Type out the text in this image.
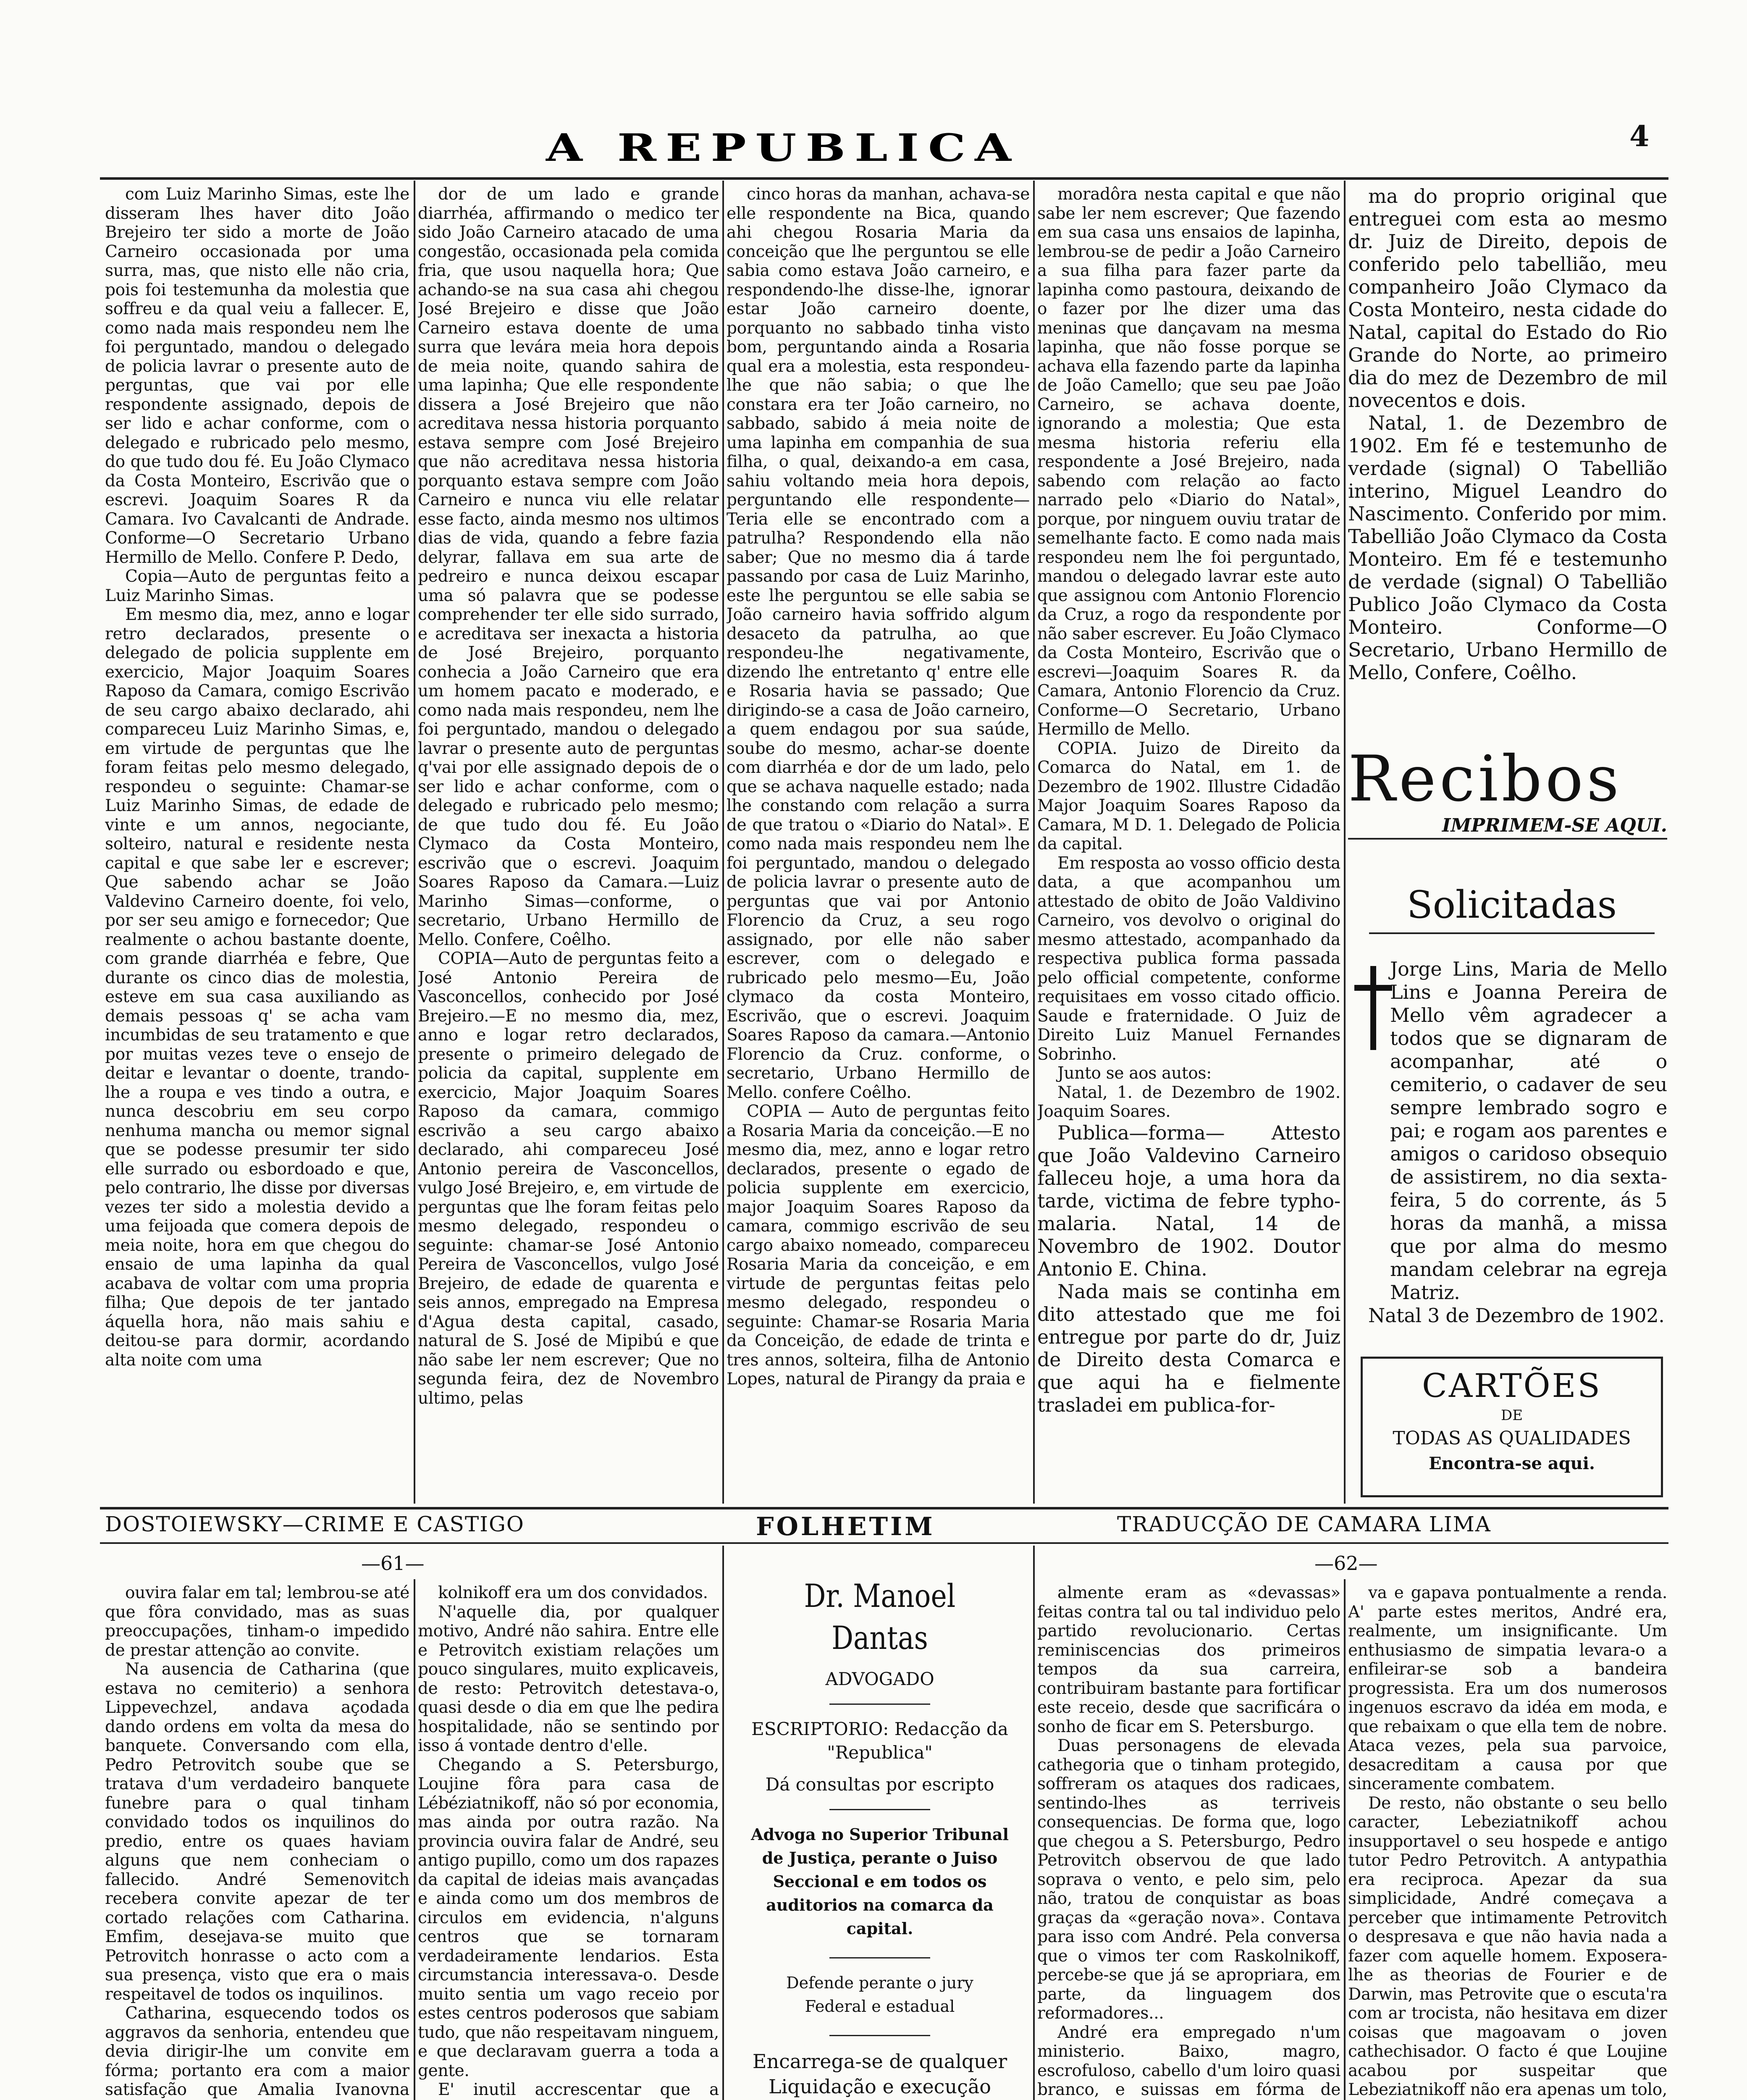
A REPUBLICA	4

com Luiz Marinho Simas, este lhe disseram lhes haver dito João Brejeiro ter sido a morte de João Carneiro occasionada por uma surra, mas, que nisto elle não cria, pois foi testemunha da molestia que soffreu e da qual veiu a fallecer. E, como nada mais respondeu nem lhe foi perguntado, mandou o delegado de policia lavrar o presente auto de perguntas, que vai por elle respondente assignado, depois de ser lido e achar conforme, com o delegado e rubricado pelo mesmo, do que tudo dou fé. Eu João Clymaco da Costa Monteiro, Escrivão que o escrevi. Joaquim Soares R da Camara. Ivo Cavalcanti de Andrade. Conforme—O Secretario Urbano Hermillo de Mello. Confere P. Dedo,

Copia—Auto de perguntas feito a Luiz Marinho Simas.

Em mesmo dia, mez, anno e logar retro declarados, presente o delegado de policia supplente em exercicio, Major Joaquim Soares Raposo da Camara, comigo Escrivão de seu cargo abaixo declarado, ahi compareceu Luiz Marinho Simas, e, em virtude de perguntas que lhe foram feitas pelo mesmo delegado, respondeu o seguinte: Chamar-se Luiz Marinho Simas, de edade de vinte e um annos, negociante, solteiro, natural e residente nesta capital e que sabe ler e escrever; Que sabendo achar se João Valdevino Carneiro doente, foi velo, por ser seu amigo e fornecedor; Que realmente o achou bastante doente, com grande diarrhéa e febre, Que durante os cinco dias de molestia, esteve em sua casa auxiliando as demais pessoas q' se acha vam incumbidas de seu tratamento e que por muitas vezes teve o ensejo de deitar e levantar o doente, trando-lhe a roupa e ves tindo a outra, e nunca descobriu em seu corpo nenhuma mancha ou memor signal que se podesse presumir ter sido elle surrado ou esbordoado e que, pelo contrario, lhe disse por diversas vezes ter sido a molestia devido a uma feijoada que comera depois de meia noite, hora em que chegou do ensaio de uma lapinha da qual acabava de voltar com uma propria filha; Que depois de ter jantado áquella hora, não mais sahiu e deitou-se para dormir, acordando alta noite com uma

dor de um lado e grande diarrhéa, affirmando o medico ter sido João Carneiro atacado de uma congestão, occasionada pela comida fria, que usou naquella hora; Que achando-se na sua casa ahi chegou José Brejeiro e disse que João Carneiro estava doente de uma surra que levára meia hora depois de meia noite, quando sahira de uma lapinha; Que elle respondente dissera a José Brejeiro que não acreditava nessa historia porquanto estava sempre com José Brejeiro que não acreditava nessa historia porquanto estava sempre com João Carneiro e nunca viu elle relatar esse facto, ainda mesmo nos ultimos dias de vida, quando a febre fazia delyrar, fallava em sua arte de pedreiro e nunca deixou escapar uma só palavra que se podesse comprehender ter elle sido surrado, e acreditava ser inexacta a historia de José Brejeiro, porquanto conhecia a João Carneiro que era um homem pacato e moderado, e como nada mais respondeu, nem lhe foi perguntado, mandou o delegado lavrar o presente auto de perguntas q'vai por elle assignado depois de o ser lido e achar conforme, com o delegado e rubricado pelo mesmo; de que tudo dou fé. Eu João Clymaco da Costa Monteiro, escrivão que o escrevi. Joaquim Soares Raposo da Camara.—Luiz Marinho Simas—conforme, o secretario, Urbano Hermillo de Mello. Confere, Coêlho.

COPIA—Auto de perguntas feito a José Antonio Pereira de Vasconcellos, conhecido por José Brejeiro.—E no mesmo dia, mez, anno e logar retro declarados, presente o primeiro delegado de policia da capital, supplente em exercicio, Major Joaquim Soares Raposo da camara, commigo escrivão a seu cargo abaixo declarado, ahi compareceu José Antonio pereira de Vasconcellos, vulgo José Brejeiro, e, em virtude de perguntas que lhe foram feitas pelo mesmo delegado, respondeu o seguinte: chamar-se José Antonio Pereira de Vasconcellos, vulgo José Brejeiro, de edade de quarenta e seis annos, empregado na Empresa d'Agua desta capital, casado, natural de S. José de Mipibú e que não sabe ler nem escrever; Que no segunda feira, dez de Novembro ultimo, pelas

cinco horas da manhan, achava-se elle respondente na Bica, quando ahi chegou Rosaria Maria da conceição que lhe perguntou se elle sabia como estava João carneiro, e respondendo-lhe disse-lhe, ignorar estar João carneiro doente, porquanto no sabbado tinha visto bom, perguntando ainda a Rosaria qual era a molestia, esta respondeu-lhe que não sabia; o que lhe constara era ter João carneiro, no sabbado, sabido á meia noite de uma lapinha em companhia de sua filha, o qual, deixando-a em casa, sahiu voltando meia hora depois, perguntando elle respondente—Teria elle se encontrado com a patrulha? Respondendo ella não saber; Que no mesmo dia á tarde passando por casa de Luiz Marinho, este lhe perguntou se elle sabia se João carneiro havia soffrido algum desaceto da patrulha, ao que respondeu-lhe negativamente, dizendo lhe entretanto q' entre elle e Rosaria havia se passado; Que dirigindo-se a casa de João carneiro, a quem endagou por sua saúde, soube do mesmo, achar-se doente com diarrhéa e dor de um lado, pelo que se achava naquelle estado; nada lhe constando com relação a surra de que tratou o «Diario do Natal». E como nada mais respondeu nem lhe foi perguntado, mandou o delegado de policia lavrar o presente auto de perguntas que vai por Antonio Florencio da Cruz, a seu rogo assignado, por elle não saber escrever, com o delegado e rubricado pelo mesmo—Eu, João clymaco da costa Monteiro, Escrivão, que o escrevi. Joaquim Soares Raposo da camara.—Antonio Florencio da Cruz. conforme, o secretario, Urbano Hermillo de Mello. confere Coêlho.

COPIA — Auto de perguntas feito a Rosaria Maria da conceição.—E no mesmo dia, mez, anno e logar retro declarados, presente o egado de policia supplente em exercicio, major Joaquim Soares Raposo da camara, commigo escrivão de seu cargo abaixo nomeado, compareceu Rosaria Maria da conceição, e em virtude de perguntas feitas pelo mesmo delegado, respondeu o seguinte: Chamar-se Rosaria Maria da Conceição, de edade de trinta e tres annos, solteira, filha de Antonio Lopes, natural de Pirangy da praia e

moradôra nesta capital e que não sabe ler nem escrever; Que fazendo em sua casa uns ensaios de lapinha, lembrou-se de pedir a João Carneiro a sua filha para fazer parte da lapinha como pastoura, deixando de o fazer por lhe dizer uma das meninas que dançavam na mesma lapinha, que não fosse porque se achava ella fazendo parte da lapinha de João Camello; que seu pae João Carneiro, se achava doente, ignorando a molestia; Que esta mesma historia referiu ella respondente a José Brejeiro, nada sabendo com relação ao facto narrado pelo «Diario do Natal», porque, por ninguem ouviu tratar de semelhante facto. E como nada mais respondeu nem lhe foi perguntado, mandou o delegado lavrar este auto que assignou com Antonio Florencio da Cruz, a rogo da respondente por não saber escrever. Eu João Clymaco da Costa Monteiro, Escrivão que o escrevi—Joaquim Soares R. da Camara, Antonio Florencio da Cruz. Conforme—O Secretario, Urbano Hermillo de Mello.

COPIA. Juizo de Direito da Comarca do Natal, em 1. de Dezembro de 1902. Illustre Cidadão Major Joaquim Soares Raposo da Camara, M D. 1. Delegado de Policia da capital.

Em resposta ao vosso officio desta data, a que acompanhou um attestado de obito de João Valdivino Carneiro, vos devolvo o original do mesmo attestado, acompanhado da respectiva publica forma passada pelo official competente, conforme requisitaes em vosso citado officio. Saude e fraternidade. O Juiz de Direito Luiz Manuel Fernandes Sobrinho.

Junto se aos autos:

Natal, 1. de Dezembro de 1902. Joaquim Soares.

Publica—forma— Attesto que João Valdevino Carneiro falleceu hoje, a uma hora da tarde, victima de febre typho-malaria. Natal, 14 de Novembro de 1902. Doutor Antonio E. China.

Nada mais se continha em dito attestado que me foi entregue por parte do dr, Juiz de Direito desta Comarca e que aqui ha e fielmente trasladei em publica-for-

ma do proprio original que entreguei com esta ao mesmo dr. Juiz de Direito, depois de conferido pelo tabellião, meu companheiro João Clymaco da Costa Monteiro, nesta cidade do Natal, capital do Estado do Rio Grande do Norte, ao primeiro dia do mez de Dezembro de mil novecentos e dois.

Natal, 1. de Dezembro de 1902. Em fé e testemunho de verdade (signal) O Tabellião interino, Miguel Leandro do Nascimento. Conferido por mim. Tabellião João Clymaco da Costa Monteiro. Em fé e testemunho de verdade (signal) O Tabellião Publico João Clymaco da Costa Monteiro. Conforme—O Secretario, Urbano Hermillo de Mello, Confere, Coêlho.

Recibos
IMPRIMEM-SE AQUI.
Solicitadas

Jorge Lins, Maria de Mello Lins e Joanna Pereira de Mello vêm agradecer a todos que se dignaram de acompanhar, até o cemiterio, o cadaver de seu sempre lembrado sogro e pai; e rogam aos parentes e amigos o caridoso obsequio de assistirem, no dia sexta-feira, 5 do corrente, ás 5 horas da manhã, a missa que por alma do mesmo mandam celebrar na egreja Matriz.

Natal 3 de Dezembro de 1902.

CARTÕES
DE
TODAS AS QUALIDADES
Encontra-se aqui.
DOSTOIEWSKY—CRIME E CASTIGO	FOLHETIM	TRADUCÇÃO DE CAMARA LIMA
—61—	—62—

ouvira falar em tal; lembrou-se até que fôra convidado, mas as suas preoccupações, tinham-o impedido de prestar attenção ao convite.

Na ausencia de Catharina (que estava no cemiterio) a senhora Lippevechzel, andava açodada dando ordens em volta da mesa do banquete. Conversando com ella, Pedro Petrovitch soube que se tratava d'um verdadeiro banquete funebre para o qual tinham convidado todos os inquilinos do predio, entre os quaes haviam alguns que nem conheciam o fallecido. André Semenovitch recebera convite apezar de ter cortado relações com Catharina. Emfim, desejava-se muito que Petrovitch honrasse o acto com a sua presença, visto que era o mais respeitavel de todos os inquilinos.

Catharina, esquecendo todos os aggravos da senhoria, entendeu que devia dirigir-lhe um convite em fórma; portanto era com a maior satisfação que Amalia Ivanovna

kolnikoff era um dos convidados.

N'aquelle dia, por qualquer motivo, André não sahira. Entre elle e Petrovitch existiam relações um pouco singulares, muito explicaveis, de resto: Petrovitch detestava-o, quasi desde o dia em que lhe pedira hospitalidade, não se sentindo por isso á vontade dentro d'elle.

Chegando a S. Petersburgo, Loujine fôra para casa de Lébéziatnikoff, não só por economia, mas ainda por outra razão. Na provincia ouvira falar de André, seu antigo pupillo, como um dos rapazes da capital de ideias mais avançadas e ainda como um dos membros de circulos em evidencia, n'alguns centros que se tornaram verdadeiramente lendarios. Esta circumstancia interessava-o. Desde muito sentia um vago receio por estes centros poderosos que sabiam tudo, que não respeitavam ninguem, e que declaravam guerra a toda a gente.

E' inutil accrescentar que a

Dr. Manoel Dantas
ADVOGADO
ESCRIPTORIO: Redacção da "Republica"
Dá consultas por escripto
Advoga no Superior Tribunal de Justiça, perante o Juiso Seccional e em todos os auditorios na comarca da capital.
Defende perante o jury Federal e estadual
Encarrega-se de qualquer Liquidação e execução

almente eram as «devassas» feitas contra tal ou tal individuo pelo partido revolucionario. Certas reminiscencias dos primeiros tempos da sua carreira, contribuiram bastante para fortificar este receio, desde que sacrificára o sonho de ficar em S. Petersburgo.

Duas personagens de elevada cathegoria que o tinham protegido, soffreram os ataques dos radicaes, sentindo-lhes as terriveis consequencias. De forma que, logo que chegou a S. Petersburgo, Pedro Petrovitch observou de que lado soprava o vento, e pelo sim, pelo não, tratou de conquistar as boas graças da «geração nova». Contava para isso com André. Pela conversa que o vimos ter com Raskolnikoff, percebe-se que já se apropriara, em parte, da linguagem dos reformadores...

André era empregado n'um ministerio. Baixo, magro, escrofuloso, cabello d'um loiro quasi branco, e suissas em fórma de

va e gapava pontualmente a renda. A' parte estes meritos, André era, realmente, um insignificante. Um enthusiasmo de simpatia levara-o a enfileirar-se sob a bandeira progressista. Era um dos numerosos ingenuos escravo da idéa em moda, e que rebaixam o que ella tem de nobre. Ataca vezes, pela sua parvoice, desacreditam a causa por que sinceramente combatem.

De resto, não obstante o seu bello caracter, Lebeziatnikoff achou insupportavel o seu hospede e antigo tutor Pedro Petrovitch. A antypathia era reciproca. Apezar da sua simplicidade, André começava a perceber que intimamente Petrovitch o despresava e que não havia nada a fazer com aquelle homem. Exposera-lhe as theorias de Fourier e de Darwin, mas Petrovite que o escuta'ra com ar trocista, não hesitava em dizer coisas que magoavam o joven cathechisador. O facto é que Loujine acabou por suspeitar que Lebeziatnikoff não era apenas um tolo,
